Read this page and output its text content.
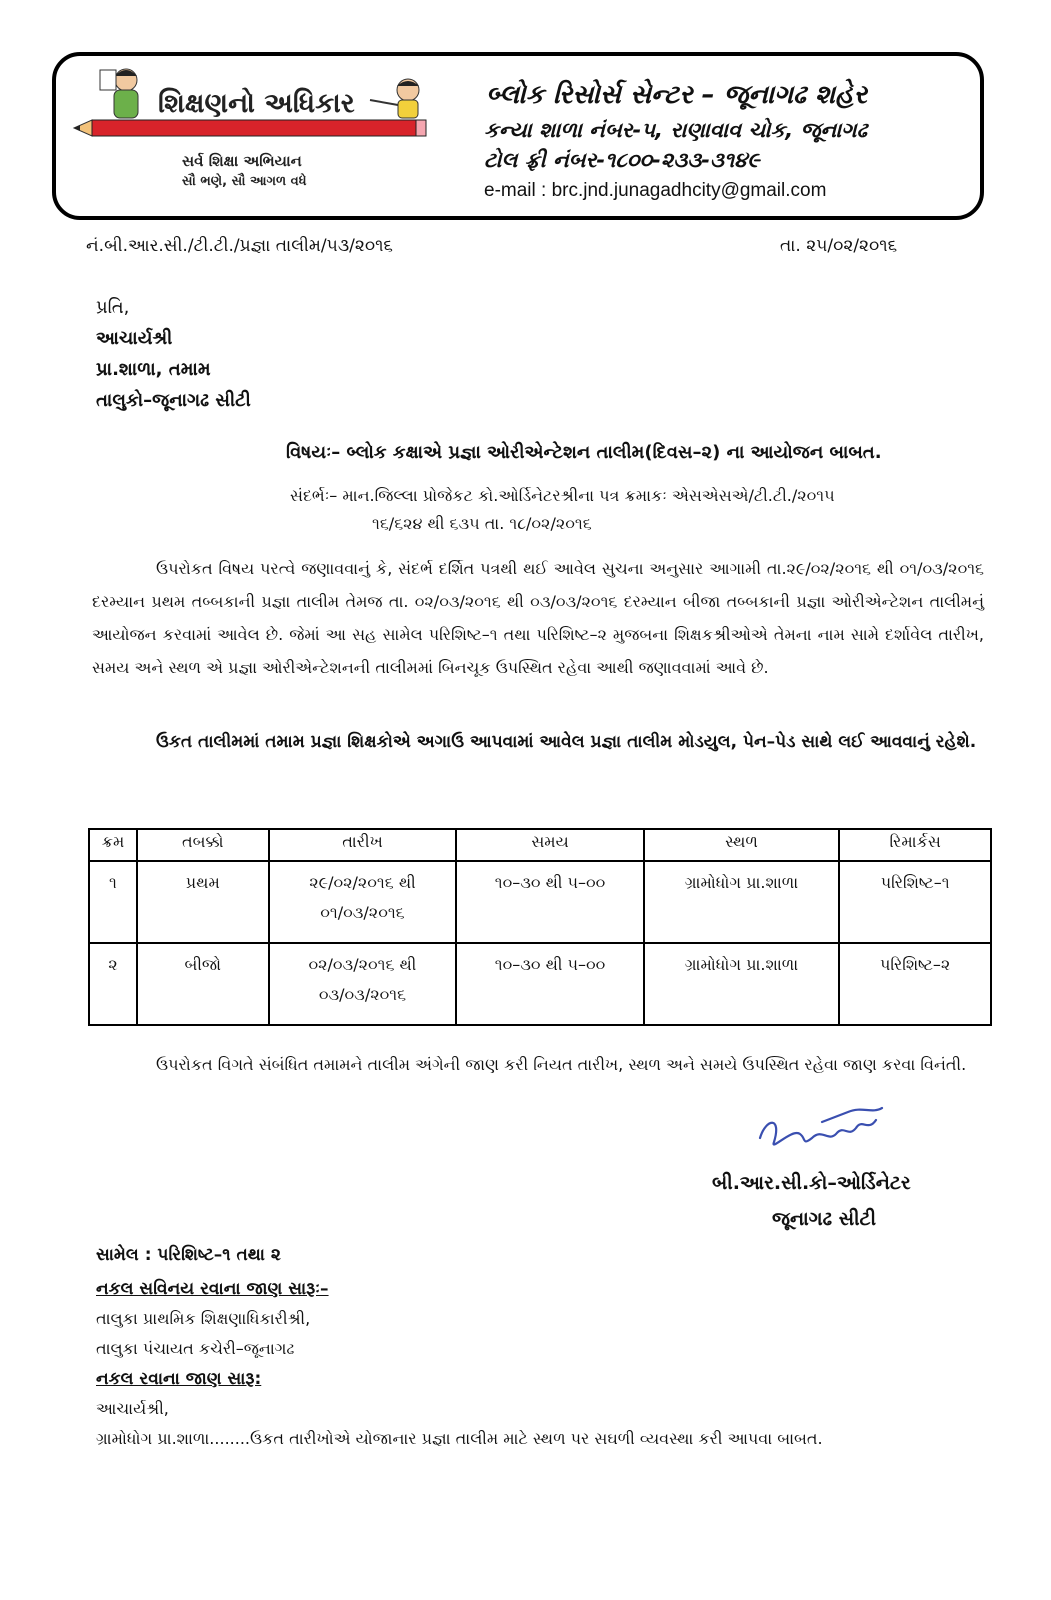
શિક્ષણનો અધિકાર
સર્વ શિક્ષા અભિયાન
સૌ ભણે, સૌ આગળ વધે
બ્લોક રિસોર્સ સેન્ટર – જૂનાગઢ શહેર
કન્યા શાળા નંબર-૫, રાણાવાવ ચોક, જૂનાગઢ
ટોલ ફ્રી નંબર-૧૮૦૦-૨૩૩-૩૧૪૯
e-mail : brc.jnd.junagadhcity@gmail.com
નં.બી.આર.સી./ટી.ટી./પ્રજ્ઞા તાલીમ/૫૩/૨૦૧૬	તા. ૨૫/૦૨/૨૦૧૬
પ્રતિ,
આચાર્યશ્રી
પ્રા.શાળા, તમામ
તાલુકો–જૂનાગઢ સીટી
વિષયઃ– બ્લોક કક્ષાએ પ્રજ્ઞા ઓરીએન્ટેશન તાલીમ(દિવસ–૨) ના આયોજન બાબત.
સંદર્ભઃ– માન.જિલ્લા પ્રોજેકટ કો.ઓર્ડિનેટરશ્રીના પત્ર ક્રમાકઃ એસએસએ/ટી.ટી./૨૦૧૫
૧૬/૬૨૪ થી ૬૩૫ તા. ૧૮/૦૨/૨૦૧૬
ઉપરોકત વિષય પરત્વે જણાવવાનું કે, સંદર્ભ દર્શિત પત્રથી થઈ આવેલ સુચના અનુસાર આગામી તા.૨૯/૦૨/૨૦૧૬ થી ૦૧/૦૩/૨૦૧૬ દરમ્યાન પ્રથમ તબ્બકાની પ્રજ્ઞા તાલીમ તેમજ તા. ૦૨/૦૩/૨૦૧૬ થી ૦૩/૦૩/૨૦૧૬ દરમ્યાન બીજા તબ્બકાની પ્રજ્ઞા ઓરીએન્ટેશન તાલીમનું આયોજન કરવામાં આવેલ છે. જેમાં આ સહ સામેલ પરિશિષ્ટ–૧ તથા પરિશિષ્ટ–૨ મુજબના શિક્ષકશ્રીઓએ તેમના નામ સામે દર્શાવેલ તારીખ, સમય અને સ્થળ એ પ્રજ્ઞા ઓરીએન્ટેશનની તાલીમમાં બિનચૂક ઉપસ્થિત રહેવા આથી જણાવવામાં આવે છે.
ઉકત તાલીમમાં તમામ પ્રજ્ઞા શિક્ષકોએ અગાઉ આપવામાં આવેલ પ્રજ્ઞા તાલીમ મોડયુલ, પેન–પેડ સાથે લઈ આવવાનું રહેશે.
ક્રમ	તબક્કો	તારીખ	સમય	સ્થળ	રિમાર્કસ
૧	પ્રથમ	૨૯/૦૨/૨૦૧૬ થી ૦૧/૦૩/૨૦૧૬	૧૦–૩૦ થી ૫–૦૦	ગ્રામોધોગ પ્રા.શાળા	પરિશિષ્ટ–૧
૨	બીજો	૦૨/૦૩/૨૦૧૬ થી ૦૩/૦૩/૨૦૧૬	૧૦–૩૦ થી ૫–૦૦	ગ્રામોધોગ પ્રા.શાળા	પરિશિષ્ટ–૨
ઉપરોકત વિગતે સંબંધિત તમામને તાલીમ અંગેની જાણ કરી નિયત તારીખ, સ્થળ અને સમયે ઉપસ્થિત રહેવા જાણ કરવા વિનંતી.
બી.આર.સી.કો–ઓર્ડિનેટર
જૂનાગઢ સીટી
સામેલ : પરિશિષ્ટ–૧ તથા ૨
નકલ સવિનય રવાના જાણ સારૂઃ–
તાલુકા પ્રાથમિક શિક્ષણાધિકારીશ્રી,
તાલુકા પંચાયત કચેરી–જૂનાગઢ
નકલ રવાના જાણ સારૂ:
આચાર્યશ્રી,
ગ્રામોધોગ પ્રા.શાળા........ઉકત તારીખોએ યોજાનાર પ્રજ્ઞા તાલીમ માટે સ્થળ પર સઘળી વ્યવસ્થા કરી આપવા બાબત.
